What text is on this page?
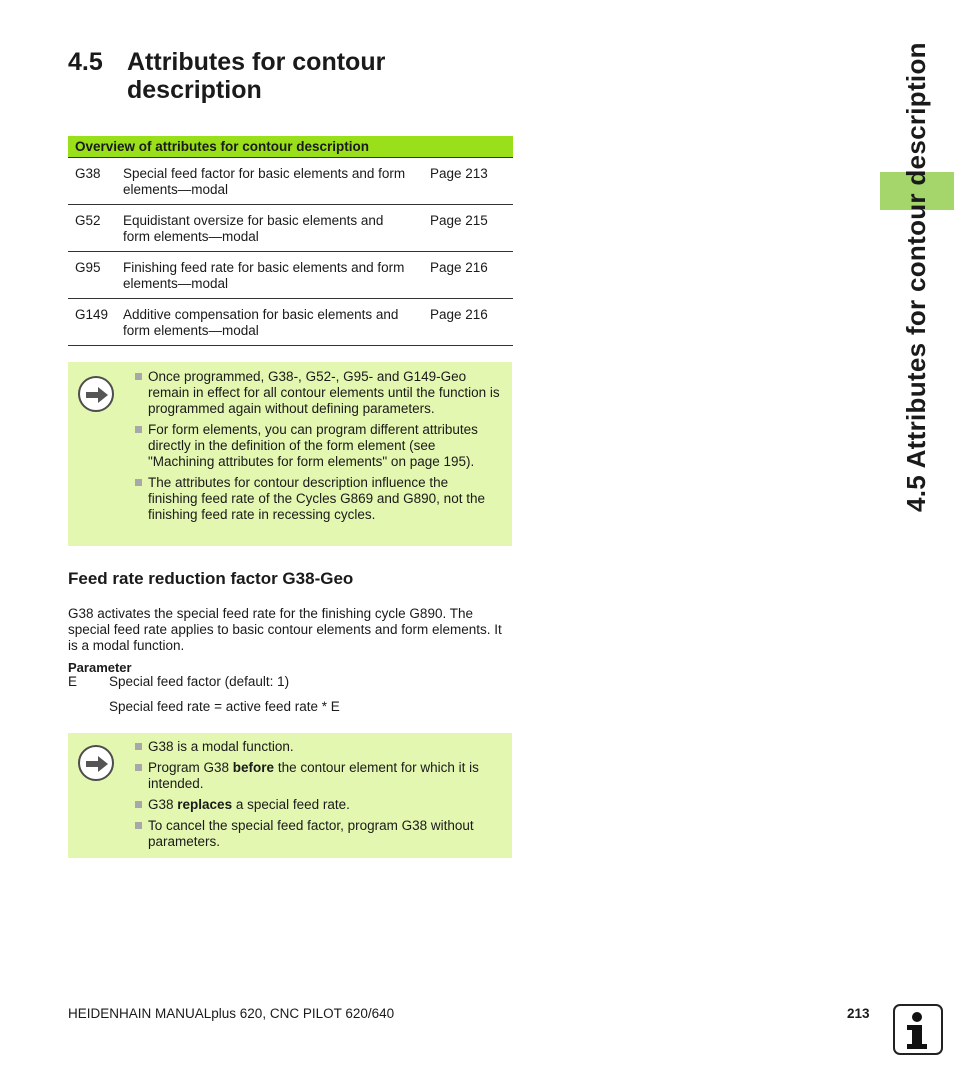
4.5 Attributes for contour description	4.5 Attributes for contour description
Overview of attributes for contour description
G38 Special feed factor for basic elements and form elements—modal
Page 213
G52 Equidistant oversize for basic elements and form elements—modal
Page 215
G95 Finishing feed rate for basic elements and form elements—modal
Page 216
G149 Additive compensation for basic elements and form elements—modal
Page 216
Once programmed, G38-, G52-, G95- and G149-Geo remain in effect for all contour elements until the function is programmed again without defining parameters.
For form elements, you can program different attributes directly in the definition of the form element (see "Machining attributes for form elements" on page 195).
The attributes for contour description influence the finishing feed rate of the Cycles G869 and G890, not the finishing feed rate in recessing cycles.
Feed rate reduction factor G38-Geo
G38 activates the special feed rate for the finishing cycle G890. The special feed rate applies to basic contour elements and form elements. It is a modal function.
Parameter
E Special feed factor (default: 1)
Special feed rate = active feed rate * E
G38 is a modal function.
Program G38 before the contour element for which it is intended.
G38 replaces a special feed rate.
To cancel the special feed factor, program G38 without parameters.
HEIDENHAIN MANUALplus 620, CNC PILOT 620/640	213
